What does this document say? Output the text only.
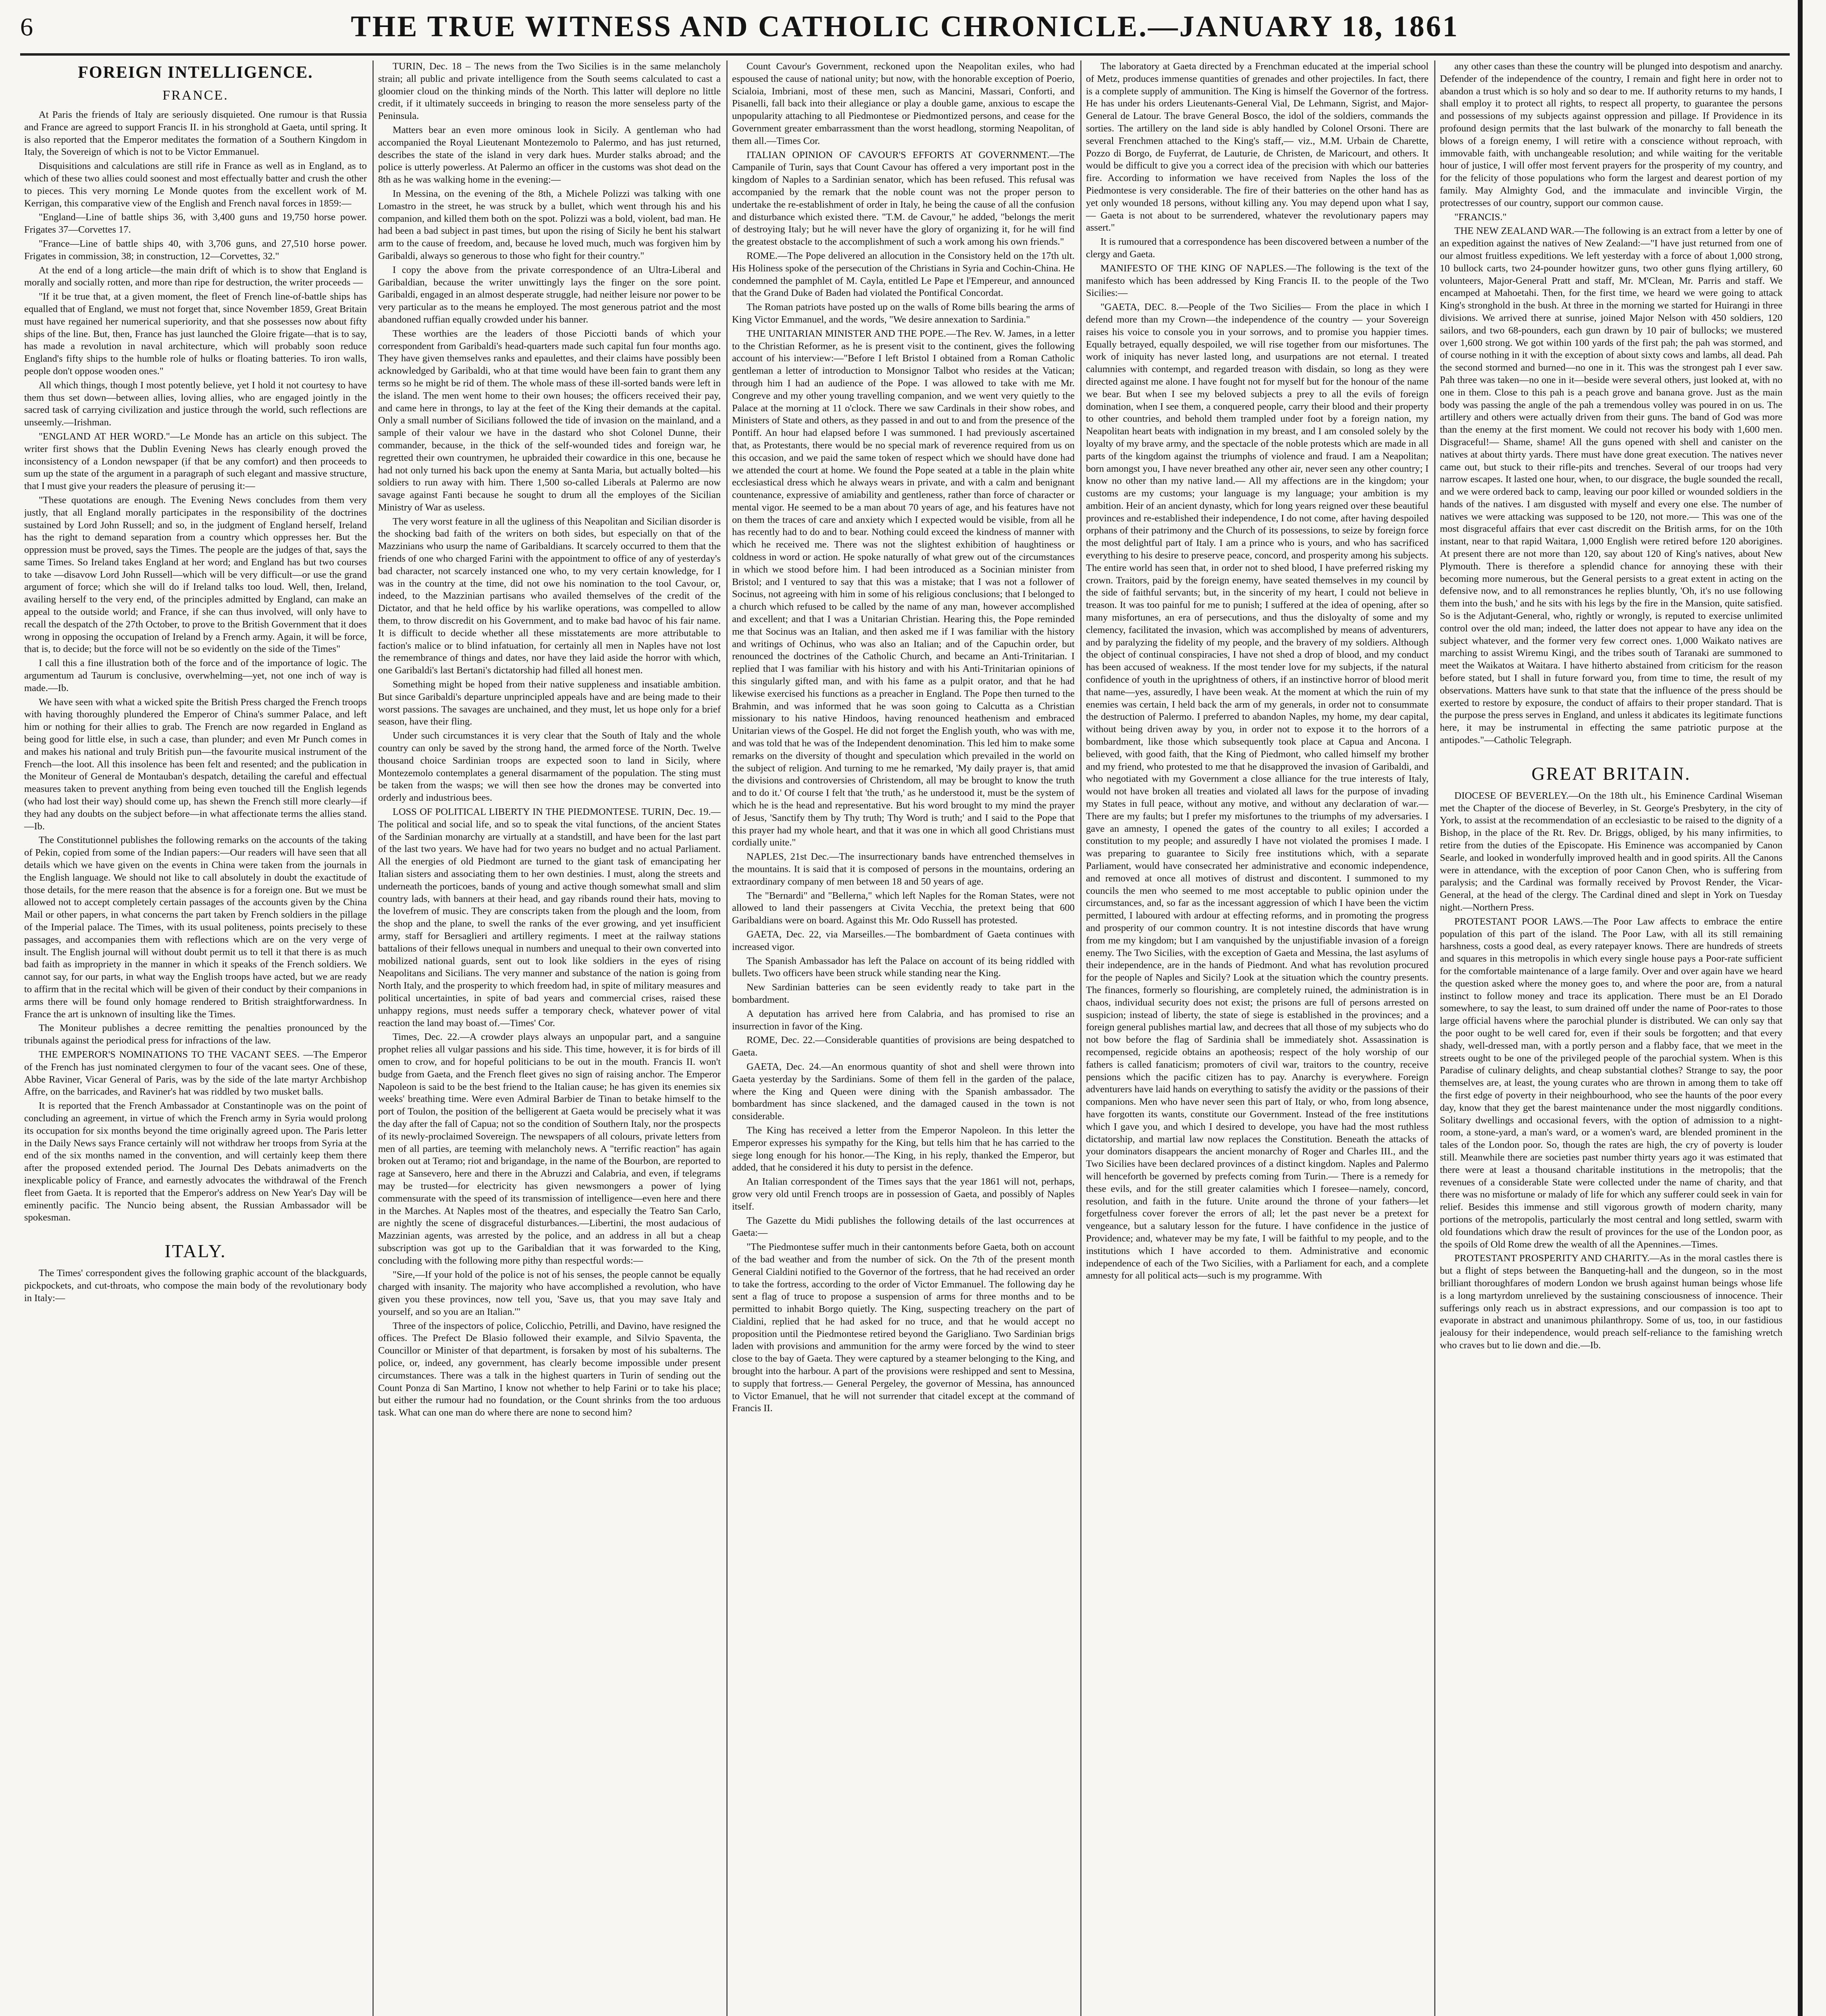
6	THE TRUE WITNESS AND CATHOLIC CHRONICLE.—JANUARY 18, 1861
FOREIGN INTELLIGENCE.
FRANCE.

At Paris the friends of Italy are seriously disquieted. One rumour is that Russia and France are agreed to support Francis II. in his stronghold at Gaeta, until spring. It is also reported that the Emperor meditates the formation of a Southern Kingdom in Italy, the Sovereign of which is not to be Victor Emmanuel.

Disquisitions and calculations are still rife in France as well as in England, as to which of these two allies could soonest and most effectually batter and crush the other to pieces. This very morning Le Monde quotes from the excellent work of M. Kerrigan, this comparative view of the English and French naval forces in 1859:—

"England—Line of battle ships 36, with 3,400 guns and 19,750 horse power. Frigates 37—Corvettes 17.

"France—Line of battle ships 40, with 3,706 guns, and 27,510 horse power. Frigates in commission, 38; in construction, 12—Corvettes, 32."

At the end of a long article—the main drift of which is to show that England is morally and socially rotten, and more than ripe for destruction, the writer proceeds —

"If it be true that, at a given moment, the fleet of French line-of-battle ships has equalled that of England, we must not forget that, since November 1859, Great Britain must have regained her numerical superiority, and that she possesses now about fifty ships of the line. But, then, France has just launched the Gloire frigate—that is to say, has made a revolution in naval architecture, which will probably soon reduce England's fifty ships to the humble role of hulks or floating batteries. To iron walls, people don't oppose wooden ones."

All which things, though I most potently believe, yet I hold it not courtesy to have them thus set down—between allies, loving allies, who are engaged jointly in the sacred task of carrying civilization and justice through the world, such reflections are unseemly.—Irishman.

"ENGLAND AT HER WORD."—Le Monde has an article on this subject. The writer first shows that the Dublin Evening News has clearly enough proved the inconsistency of a London newspaper (if that be any comfort) and then proceeds to sum up the state of the argument in a paragraph of such elegant and massive structure, that I must give your readers the pleasure of perusing it:—

"These quotations are enough. The Evening News concludes from them very justly, that all England morally participates in the responsibility of the doctrines sustained by Lord John Russell; and so, in the judgment of England herself, Ireland has the right to demand separation from a country which oppresses her. But the oppression must be proved, says the Times. The people are the judges of that, says the same Times. So Ireland takes England at her word; and England has but two courses to take —disavow Lord John Russell—which will be very difficult—or use the grand argument of force; which she will do if Ireland talks too loud. Well, then, Ireland, availing herself to the very end, of the principles admitted by England, can make an appeal to the outside world; and France, if she can thus involved, will only have to recall the despatch of the 27th October, to prove to the British Government that it does wrong in opposing the occupation of Ireland by a French army. Again, it will be force, that is, to decide; but the force will not be so evidently on the side of the Times"

I call this a fine illustration both of the force and of the importance of logic. The argumentum ad Taurum is conclusive, overwhelming—yet, not one inch of way is made.—Ib.

We have seen with what a wicked spite the British Press charged the French troops with having thoroughly plundered the Emperor of China's summer Palace, and left him or nothing for their allies to grab. The French are now regarded in England as being good for little else, in such a case, than plunder; and even Mr Punch comes in and makes his national and truly British pun—the favourite musical instrument of the French—the loot. All this insolence has been felt and resented; and the publication in the Moniteur of General de Montauban's despatch, detailing the careful and effectual measures taken to prevent anything from being even touched till the English legends (who had lost their way) should come up, has shewn the French still more clearly—if they had any doubts on the subject before—in what affectionate terms the allies stand.—Ib.

The Constitutionnel publishes the following remarks on the accounts of the taking of Pekin, copied from some of the Indian papers:—Our readers will have seen that all details which we have given on the events in China were taken from the journals in the English language. We should not like to call absolutely in doubt the exactitude of those details, for the mere reason that the absence is for a foreign one. But we must be allowed not to accept completely certain passages of the accounts given by the China Mail or other papers, in what concerns the part taken by French soldiers in the pillage of the Imperial palace. The Times, with its usual politeness, points precisely to these passages, and accompanies them with reflections which are on the very verge of insult. The English journal will without doubt permit us to tell it that there is as much bad faith as impropriety in the manner in which it speaks of the French soldiers. We cannot say, for our parts, in what way the English troops have acted, but we are ready to affirm that in the recital which will be given of their conduct by their companions in arms there will be found only homage rendered to British straightforwardness. In France the art is unknown of insulting like the Times.

The Moniteur publishes a decree remitting the penalties pronounced by the tribunals against the periodical press for infractions of the law.

THE EMPEROR'S NOMINATIONS TO THE VACANT SEES. —The Emperor of the French has just nominated clergymen to four of the vacant sees. One of these, Abbe Raviner, Vicar General of Paris, was by the side of the late martyr Archbishop Affre, on the barricades, and Raviner's hat was riddled by two musket balls.

It is reported that the French Ambassador at Constantinople was on the point of concluding an agreement, in virtue of which the French army in Syria would prolong its occupation for six months beyond the time originally agreed upon. The Paris letter in the Daily News says France certainly will not withdraw her troops from Syria at the end of the six months named in the convention, and will certainly keep them there after the proposed extended period. The Journal Des Debats animadverts on the inexplicable policy of France, and earnestly advocates the withdrawal of the French fleet from Gaeta. It is reported that the Emperor's address on New Year's Day will be eminently pacific. The Nuncio being absent, the Russian Ambassador will be spokesman.

ITALY.

The Times' correspondent gives the following graphic account of the blackguards, pickpockets, and cut-throats, who compose the main body of the revolutionary body in Italy:—

TURIN, Dec. 18 – The news from the Two Sicilies is in the same melancholy strain; all public and private intelligence from the South seems calculated to cast a gloomier cloud on the thinking minds of the North. This latter will deplore no little credit, if it ultimately succeeds in bringing to reason the more senseless party of the Peninsula.

Matters bear an even more ominous look in Sicily. A gentleman who had accompanied the Royal Lieutenant Montezemolo to Palermo, and has just returned, describes the state of the island in very dark hues. Murder stalks abroad; and the police is utterly powerless. At Palermo an officer in the customs was shot dead on the 8th as he was walking home in the evening:—

In Messina, on the evening of the 8th, a Michele Polizzi was talking with one Lomastro in the street, he was struck by a bullet, which went through his and his companion, and killed them both on the spot. Polizzi was a bold, violent, bad man. He had been a bad subject in past times, but upon the rising of Sicily he bent his stalwart arm to the cause of freedom, and, because he loved much, much was forgiven him by Garibaldi, always so generous to those who fight for their country."

I copy the above from the private correspondence of an Ultra-Liberal and Garibaldian, because the writer unwittingly lays the finger on the sore point. Garibaldi, engaged in an almost desperate struggle, had neither leisure nor power to be very particular as to the means he employed. The most generous patriot and the most abandoned ruffian equally crowded under his banner.

These worthies are the leaders of those Picciotti bands of which your correspondent from Garibaldi's head-quarters made such capital fun four months ago. They have given themselves ranks and epaulettes, and their claims have possibly been acknowledged by Garibaldi, who at that time would have been fain to grant them any terms so he might be rid of them. The whole mass of these ill-sorted bands were left in the island. The men went home to their own houses; the officers received their pay, and came here in throngs, to lay at the feet of the King their demands at the capital. Only a small number of Sicilians followed the tide of invasion on the mainland, and a sample of their valour we have in the dastard who shot Colonel Dunne, their commander, because, in the thick of the self-wounded tides and foreign war, he regretted their own countrymen, he upbraided their cowardice in this one, because he had not only turned his back upon the enemy at Santa Maria, but actually bolted—his soldiers to run away with him. There 1,500 so-called Liberals at Palermo are now savage against Fanti because he sought to drum all the employes of the Sicilian Ministry of War as useless.

The very worst feature in all the ugliness of this Neapolitan and Sicilian disorder is the shocking bad faith of the writers on both sides, but especially on that of the Mazzinians who usurp the name of Garibaldians. It scarcely occurred to them that the friends of one who charged Farini with the appointment to office of any of yesterday's bad character, not scarcely instanced one who, to my very certain knowledge, for I was in the country at the time, did not owe his nomination to the tool Cavour, or, indeed, to the Mazzinian partisans who availed themselves of the credit of the Dictator, and that he held office by his warlike operations, was compelled to allow them, to throw discredit on his Government, and to make bad havoc of his fair name. It is difficult to decide whether all these misstatements are more attributable to faction's malice or to blind infatuation, for certainly all men in Naples have not lost the remembrance of things and dates, nor have they laid aside the horror with which, one Garibaldi's last Bertani's dictatorship had filled all honest men.

Something might be hoped from their native suppleness and insatiable ambition. But since Garibaldi's departure unprincipled appeals have and are being made to their worst passions. The savages are unchained, and they must, let us hope only for a brief season, have their fling.

Under such circumstances it is very clear that the South of Italy and the whole country can only be saved by the strong hand, the armed force of the North. Twelve thousand choice Sardinian troops are expected soon to land in Sicily, where Montezemolo contemplates a general disarmament of the population. The sting must be taken from the wasps; we will then see how the drones may be converted into orderly and industrious bees.

LOSS OF POLITICAL LIBERTY IN THE PIEDMONTESE. TURIN, Dec. 19.—The political and social life, and so to speak the vital functions, of the ancient States of the Sardinian monarchy are virtually at a standstill, and have been for the last part of the last two years. We have had for two years no budget and no actual Parliament. All the energies of old Piedmont are turned to the giant task of emancipating her Italian sisters and associating them to her own destinies. I must, along the streets and underneath the porticoes, bands of young and active though somewhat small and slim country lads, with banners at their head, and gay ribands round their hats, moving to the lovefrem of music. They are conscripts taken from the plough and the loom, from the shop and the plane, to swell the ranks of the ever growing, and yet insufficient army, staff for Bersaglieri and artillery regiments. I meet at the railway stations battalions of their fellows unequal in numbers and unequal to their own converted into mobilized national guards, sent out to look like soldiers in the eyes of rising Neapolitans and Sicilians. The very manner and substance of the nation is going from North Italy, and the prosperity to which freedom had, in spite of military measures and political uncertainties, in spite of bad years and commercial crises, raised these unhappy regions, must needs suffer a temporary check, whatever power of vital reaction the land may boast of.—Times' Cor.

Times, Dec. 22.—A crowder plays always an unpopular part, and a sanguine prophet relies all vulgar passions and his side. This time, however, it is for birds of ill omen to crow, and for hopeful politicians to be out in the mouth. Francis II. won't budge from Gaeta, and the French fleet gives no sign of raising anchor. The Emperor Napoleon is said to be the best friend to the Italian cause; he has given its enemies six weeks' breathing time. Were even Admiral Barbier de Tinan to betake himself to the port of Toulon, the position of the belligerent at Gaeta would be precisely what it was the day after the fall of Capua; not so the condition of Southern Italy, nor the prospects of its newly-proclaimed Sovereign. The newspapers of all colours, private letters from men of all parties, are teeming with melancholy news. A "terrific reaction" has again broken out at Teramo; riot and brigandage, in the name of the Bourbon, are reported to rage at Sansevero, here and there in the Abruzzi and Calabria, and even, if telegrams may be trusted—for electricity has given newsmongers a power of lying commensurate with the speed of its transmission of intelligence—even here and there in the Marches. At Naples most of the theatres, and especially the Teatro San Carlo, are nightly the scene of disgraceful disturbances.—Libertini, the most audacious of Mazzinian agents, was arrested by the police, and an address in all but a cheap subscription was got up to the Garibaldian that it was forwarded to the King, concluding with the following more pithy than respectful words:—

"Sire,—If your hold of the police is not of his senses, the people cannot be equally charged with insanity. The majority who have accomplished a revolution, who have given you these provinces, now tell you, 'Save us, that you may save Italy and yourself, and so you are an Italian.'"

Three of the inspectors of police, Colicchio, Petrilli, and Davino, have resigned the offices. The Prefect De Blasio followed their example, and Silvio Spaventa, the Councillor or Minister of that department, is forsaken by most of his subalterns. The police, or, indeed, any government, has clearly become impossible under present circumstances. There was a talk in the highest quarters in Turin of sending out the Count Ponza di San Martino, I know not whether to help Farini or to take his place; but either the rumour had no foundation, or the Count shrinks from the too arduous task. What can one man do where there are none to second him?

Count Cavour's Government, reckoned upon the Neapolitan exiles, who had espoused the cause of national unity; but now, with the honorable exception of Poerio, Scialoia, Imbriani, most of these men, such as Mancini, Massari, Conforti, and Pisanelli, fall back into their allegiance or play a double game, anxious to escape the unpopularity attaching to all Piedmontese or Piedmontized persons, and cease for the Government greater embarrassment than the worst headlong, storming Neapolitan, of them all.—Times Cor.

ITALIAN OPINION OF CAVOUR'S EFFORTS AT GOVERNMENT.—The Campanile of Turin, says that Count Cavour has offered a very important post in the kingdom of Naples to a Sardinian senator, which has been refused. This refusal was accompanied by the remark that the noble count was not the proper person to undertake the re-establishment of order in Italy, he being the cause of all the confusion and disturbance which existed there. "T.M. de Cavour," he added, "belongs the merit of destroying Italy; but he will never have the glory of organizing it, for he will find the greatest obstacle to the accomplishment of such a work among his own friends."

ROME.—The Pope delivered an allocution in the Consistory held on the 17th ult. His Holiness spoke of the persecution of the Christians in Syria and Cochin-China. He condemned the pamphlet of M. Cayla, entitled Le Pape et l'Empereur, and announced that the Grand Duke of Baden had violated the Pontifical Concordat.

The Roman patriots have posted up on the walls of Rome bills bearing the arms of King Victor Emmanuel, and the words, "We desire annexation to Sardinia."

THE UNITARIAN MINISTER AND THE POPE.—The Rev. W. James, in a letter to the Christian Reformer, as he is present visit to the continent, gives the following account of his interview:—"Before I left Bristol I obtained from a Roman Catholic gentleman a letter of introduction to Monsignor Talbot who resides at the Vatican; through him I had an audience of the Pope. I was allowed to take with me Mr. Congreve and my other young travelling companion, and we went very quietly to the Palace at the morning at 11 o'clock. There we saw Cardinals in their show robes, and Ministers of State and others, as they passed in and out to and from the presence of the Pontiff. An hour had elapsed before I was summoned. I had previously ascertained that, as Protestants, there would be no special mark of reverence required from us on this occasion, and we paid the same token of respect which we should have done had we attended the court at home. We found the Pope seated at a table in the plain white ecclesiastical dress which he always wears in private, and with a calm and benignant countenance, expressive of amiability and gentleness, rather than force of character or mental vigor. He seemed to be a man about 70 years of age, and his features have not on them the traces of care and anxiety which I expected would be visible, from all he has recently had to do and to bear. Nothing could exceed the kindness of manner with which he received me. There was not the slightest exhibition of haughtiness or coldness in word or action. He spoke naturally of what grew out of the circumstances in which we stood before him. I had been introduced as a Socinian minister from Bristol; and I ventured to say that this was a mistake; that I was not a follower of Socinus, not agreeing with him in some of his religious conclusions; that I belonged to a church which refused to be called by the name of any man, however accomplished and excellent; and that I was a Unitarian Christian. Hearing this, the Pope reminded me that Socinus was an Italian, and then asked me if I was familiar with the history and writings of Ochinus, who was also an Italian; and of the Capuchin order, but renounced the doctrines of the Catholic Church, and became an Anti-Trinitarian. I replied that I was familiar with his history and with his Anti-Trinitarian opinions of this singularly gifted man, and with his fame as a pulpit orator, and that he had likewise exercised his functions as a preacher in England. The Pope then turned to the Brahmin, and was informed that he was soon going to Calcutta as a Christian missionary to his native Hindoos, having renounced heathenism and embraced Unitarian views of the Gospel. He did not forget the English youth, who was with me, and was told that he was of the Independent denomination. This led him to make some remarks on the diversity of thought and speculation which prevailed in the world on the subject of religion. And turning to me he remarked, 'My daily prayer is, that amid the divisions and controversies of Christendom, all may be brought to know the truth and to do it.' Of course I felt that 'the truth,' as he understood it, must be the system of which he is the head and representative. But his word brought to my mind the prayer of Jesus, 'Sanctify them by Thy truth; Thy Word is truth;' and I said to the Pope that this prayer had my whole heart, and that it was one in which all good Christians must cordially unite."

NAPLES, 21st Dec.—The insurrectionary bands have entrenched themselves in the mountains. It is said that it is composed of persons in the mountains, ordering an extraordinary company of men between 18 and 50 years of age.

The "Bernardi" and "Bellerna," which left Naples for the Roman States, were not allowed to land their passengers at Civita Vecchia, the pretext being that 600 Garibaldians were on board. Against this Mr. Odo Russell has protested.

GAETA, Dec. 22, via Marseilles.—The bombardment of Gaeta continues with increased vigor.

The Spanish Ambassador has left the Palace on account of its being riddled with bullets. Two officers have been struck while standing near the King.

New Sardinian batteries can be seen evidently ready to take part in the bombardment.

A deputation has arrived here from Calabria, and has promised to rise an insurrection in favor of the King.

ROME, Dec. 22.—Considerable quantities of provisions are being despatched to Gaeta.

GAETA, Dec. 24.—An enormous quantity of shot and shell were thrown into Gaeta yesterday by the Sardinians. Some of them fell in the garden of the palace, where the King and Queen were dining with the Spanish ambassador. The bombardment has since slackened, and the damaged caused in the town is not considerable.

The King has received a letter from the Emperor Napoleon. In this letter the Emperor expresses his sympathy for the King, but tells him that he has carried to the siege long enough for his honor.—The King, in his reply, thanked the Emperor, but added, that he considered it his duty to persist in the defence.

An Italian correspondent of the Times says that the year 1861 will not, perhaps, grow very old until French troops are in possession of Gaeta, and possibly of Naples itself.

The Gazette du Midi publishes the following details of the last occurrences at Gaeta:—

"The Piedmontese suffer much in their cantonments before Gaeta, both on account of the bad weather and from the number of sick. On the 7th of the present month General Cialdini notified to the Governor of the fortress, that he had received an order to take the fortress, according to the order of Victor Emmanuel. The following day he sent a flag of truce to propose a suspension of arms for three months and to be permitted to inhabit Borgo quietly. The King, suspecting treachery on the part of Cialdini, replied that he had asked for no truce, and that he would accept no proposition until the Piedmontese retired beyond the Garigliano. Two Sardinian brigs laden with provisions and ammunition for the army were forced by the wind to steer close to the bay of Gaeta. They were captured by a steamer belonging to the King, and brought into the harbour. A part of the provisions were reshipped and sent to Messina, to supply that fortress.— General Pergeley, the governor of Messina, has announced to Victor Emanuel, that he will not surrender that citadel except at the command of Francis II.

The laboratory at Gaeta directed by a Frenchman educated at the imperial school of Metz, produces immense quantities of grenades and other projectiles. In fact, there is a complete supply of ammunition. The King is himself the Governor of the fortress. He has under his orders Lieutenants-General Vial, De Lehmann, Sigrist, and Major-General de Latour. The brave General Bosco, the idol of the soldiers, commands the sorties. The artillery on the land side is ably handled by Colonel Orsoni. There are several Frenchmen attached to the King's staff,— viz., M.M. Urbain de Charette, Pozzo di Borgo, de Fuyferrat, de Lauturie, de Christen, de Maricourt, and others. It would be difficult to give you a correct idea of the precision with which our batteries fire. According to information we have received from Naples the loss of the Piedmontese is very considerable. The fire of their batteries on the other hand has as yet only wounded 18 persons, without killing any. You may depend upon what I say,— Gaeta is not about to be surrendered, whatever the revolutionary papers may assert."

It is rumoured that a correspondence has been discovered between a number of the clergy and Gaeta.

MANIFESTO OF THE KING OF NAPLES.—The following is the text of the manifesto which has been addressed by King Francis II. to the people of the Two Sicilies:—

"GAETA, DEC. 8.—People of the Two Sicilies— From the place in which I defend more than my Crown—the independence of the country — your Sovereign raises his voice to console you in your sorrows, and to promise you happier times. Equally betrayed, equally despoiled, we will rise together from our misfortunes. The work of iniquity has never lasted long, and usurpations are not eternal. I treated calumnies with contempt, and regarded treason with disdain, so long as they were directed against me alone. I have fought not for myself but for the honour of the name we bear. But when I see my beloved subjects a prey to all the evils of foreign domination, when I see them, a conquered people, carry their blood and their property to other countries, and behold them trampled under foot by a foreign nation, my Neapolitan heart beats with indignation in my breast, and I am consoled solely by the loyalty of my brave army, and the spectacle of the noble protests which are made in all parts of the kingdom against the triumphs of violence and fraud. I am a Neapolitan; born amongst you, I have never breathed any other air, never seen any other country; I know no other than my native land.— All my affections are in the kingdom; your customs are my customs; your language is my language; your ambition is my ambition. Heir of an ancient dynasty, which for long years reigned over these beautiful provinces and re-established their independence, I do not come, after having despoiled orphans of their patrimony and the Church of its possessions, to seize by foreign force the most delightful part of Italy. I am a prince who is yours, and who has sacrificed everything to his desire to preserve peace, concord, and prosperity among his subjects. The entire world has seen that, in order not to shed blood, I have preferred risking my crown. Traitors, paid by the foreign enemy, have seated themselves in my council by the side of faithful servants; but, in the sincerity of my heart, I could not believe in treason. It was too painful for me to punish; I suffered at the idea of opening, after so many misfortunes, an era of persecutions, and thus the disloyalty of some and my clemency, facilitated the invasion, which was accomplished by means of adventurers, and by paralyzing the fidelity of my people, and the bravery of my soldiers. Although the object of continual conspiracies, I have not shed a drop of blood, and my conduct has been accused of weakness. If the most tender love for my subjects, if the natural confidence of youth in the uprightness of others, if an instinctive horror of blood merit that name—yes, assuredly, I have been weak. At the moment at which the ruin of my enemies was certain, I held back the arm of my generals, in order not to consummate the destruction of Palermo. I preferred to abandon Naples, my home, my dear capital, without being driven away by you, in order not to expose it to the horrors of a bombardment, like those which subsequently took place at Capua and Ancona. I believed, with good faith, that the King of Piedmont, who called himself my brother and my friend, who protested to me that he disapproved the invasion of Garibaldi, and who negotiated with my Government a close alliance for the true interests of Italy, would not have broken all treaties and violated all laws for the purpose of invading my States in full peace, without any motive, and without any declaration of war.— There are my faults; but I prefer my misfortunes to the triumphs of my adversaries. I gave an amnesty, I opened the gates of the country to all exiles; I accorded a constitution to my people; and assuredly I have not violated the promises I made. I was preparing to guarantee to Sicily free institutions which, with a separate Parliament, would have consecrated her administrative and economic independence, and removed at once all motives of distrust and discontent. I summoned to my councils the men who seemed to me most acceptable to public opinion under the circumstances, and, so far as the incessant aggression of which I have been the victim permitted, I laboured with ardour at effecting reforms, and in promoting the progress and prosperity of our common country. It is not intestine discords that have wrung from me my kingdom; but I am vanquished by the unjustifiable invasion of a foreign enemy. The Two Sicilies, with the exception of Gaeta and Messina, the last asylums of their independence, are in the hands of Piedmont. And what has revolution procured for the people of Naples and Sicily? Look at the situation which the country presents. The finances, formerly so flourishing, are completely ruined, the administration is in chaos, individual security does not exist; the prisons are full of persons arrested on suspicion; instead of liberty, the state of siege is established in the provinces; and a foreign general publishes martial law, and decrees that all those of my subjects who do not bow before the flag of Sardinia shall be immediately shot. Assassination is recompensed, regicide obtains an apotheosis; respect of the holy worship of our fathers is called fanaticism; promoters of civil war, traitors to the country, receive pensions which the pacific citizen has to pay. Anarchy is everywhere. Foreign adventurers have laid hands on everything to satisfy the avidity or the passions of their companions. Men who have never seen this part of Italy, or who, from long absence, have forgotten its wants, constitute our Government. Instead of the free institutions which I gave you, and which I desired to develope, you have had the most ruthless dictatorship, and martial law now replaces the Constitution. Beneath the attacks of your dominators disappears the ancient monarchy of Roger and Charles III., and the Two Sicilies have been declared provinces of a distinct kingdom. Naples and Palermo will henceforth be governed by prefects coming from Turin.— There is a remedy for these evils, and for the still greater calamities which I foresee—namely, concord, resolution, and faith in the future. Unite around the throne of your fathers—let forgetfulness cover forever the errors of all; let the past never be a pretext for vengeance, but a salutary lesson for the future. I have confidence in the justice of Providence; and, whatever may be my fate, I will be faithful to my people, and to the institutions which I have accorded to them. Administrative and economic independence of each of the Two Sicilies, with a Parliament for each, and a complete amnesty for all political acts—such is my programme. With

any other cases than these the country will be plunged into despotism and anarchy. Defender of the independence of the country, I remain and fight here in order not to abandon a trust which is so holy and so dear to me. If authority returns to my hands, I shall employ it to protect all rights, to respect all property, to guarantee the persons and possessions of my subjects against oppression and pillage. If Providence in its profound design permits that the last bulwark of the monarchy to fall beneath the blows of a foreign enemy, I will retire with a conscience without reproach, with immovable faith, with unchangeable resolution; and while waiting for the veritable hour of justice, I will offer most fervent prayers for the prosperity of my country, and for the felicity of those populations who form the largest and dearest portion of my family. May Almighty God, and the immaculate and invincible Virgin, the protectresses of our country, support our common cause.

"FRANCIS."

THE NEW ZEALAND WAR.—The following is an extract from a letter by one of an expedition against the natives of New Zealand:—"I have just returned from one of our almost fruitless expeditions. We left yesterday with a force of about 1,000 strong, 10 bullock carts, two 24-pounder howitzer guns, two other guns flying artillery, 60 volunteers, Major-General Pratt and staff, Mr. M'Clean, Mr. Parris and staff. We encamped at Mahoetahi. Then, for the first time, we heard we were going to attack King's stronghold in the bush. At three in the morning we started for Huirangi in three divisions. We arrived there at sunrise, joined Major Nelson with 450 soldiers, 120 sailors, and two 68-pounders, each gun drawn by 10 pair of bullocks; we mustered over 1,600 strong. We got within 100 yards of the first pah; the pah was stormed, and of course nothing in it with the exception of about sixty cows and lambs, all dead. Pah the second stormed and burned—no one in it. This was the strongest pah I ever saw. Pah three was taken—no one in it—beside were several others, just looked at, with no one in them. Close to this pah is a peach grove and banana grove. Just as the main body was passing the angle of the pah a tremendous volley was poured in on us. The artillery and others were actually driven from their guns. The band of God was more than the enemy at the first moment. We could not recover his body with 1,600 men. Disgraceful!— Shame, shame! All the guns opened with shell and canister on the natives at about thirty yards. There must have done great execution. The natives never came out, but stuck to their rifle-pits and trenches. Several of our troops had very narrow escapes. It lasted one hour, when, to our disgrace, the bugle sounded the recall, and we were ordered back to camp, leaving our poor killed or wounded soldiers in the hands of the natives. I am disgusted with myself and every one else. The number of natives we were attacking was supposed to be 120, not more.— This was one of the most disgraceful affairs that ever cast discredit on the British arms, for on the 10th instant, near to that rapid Waitara, 1,000 English were retired before 120 aborigines. At present there are not more than 120, say about 120 of King's natives, about New Plymouth. There is therefore a splendid chance for annoying these with their becoming more numerous, but the General persists to a great extent in acting on the defensive now, and to all remonstrances he replies bluntly, 'Oh, it's no use following them into the bush,' and he sits with his legs by the fire in the Mansion, quite satisfied. So is the Adjutant-General, who, rightly or wrongly, is reputed to exercise unlimited control over the old man; indeed, the latter does not appear to have any idea on the subject whatever, and the former very few correct ones. 1,000 Waikato natives are marching to assist Wiremu Kingi, and the tribes south of Taranaki are summoned to meet the Waikatos at Waitara. I have hitherto abstained from criticism for the reason before stated, but I shall in future forward you, from time to time, the result of my observations. Matters have sunk to that state that the influence of the press should be exerted to restore by exposure, the conduct of affairs to their proper standard. That is the purpose the press serves in England, and unless it abdicates its legitimate functions here, it may be instrumental in effecting the same patriotic purpose at the antipodes."—Catholic Telegraph.

GREAT BRITAIN.

DIOCESE OF BEVERLEY.—On the 18th ult., his Eminence Cardinal Wiseman met the Chapter of the diocese of Beverley, in St. George's Presbytery, in the city of York, to assist at the recommendation of an ecclesiastic to be raised to the dignity of a Bishop, in the place of the Rt. Rev. Dr. Briggs, obliged, by his many infirmities, to retire from the duties of the Episcopate. His Eminence was accompanied by Canon Searle, and looked in wonderfully improved health and in good spirits. All the Canons were in attendance, with the exception of poor Canon Chen, who is suffering from paralysis; and the Cardinal was formally received by Provost Render, the Vicar-General, at the head of the clergy. The Cardinal dined and slept in York on Tuesday night.—Northern Press.

PROTESTANT POOR LAWS.—The Poor Law affects to embrace the entire population of this part of the island. The Poor Law, with all its still remaining harshness, costs a good deal, as every ratepayer knows. There are hundreds of streets and squares in this metropolis in which every single house pays a Poor-rate sufficient for the comfortable maintenance of a large family. Over and over again have we heard the question asked where the money goes to, and where the poor are, from a natural instinct to follow money and trace its application. There must be an El Dorado somewhere, to say the least, to sum drained off under the name of Poor-rates to those large official havens where the parochial plunder is distributed. We can only say that the poor ought to be well cared for, even if their souls be forgotten; and that every shady, well-dressed man, with a portly person and a flabby face, that we meet in the streets ought to be one of the privileged people of the parochial system. When is this Paradise of culinary delights, and cheap substantial clothes? Strange to say, the poor themselves are, at least, the young curates who are thrown in among them to take off the first edge of poverty in their neighbourhood, who see the haunts of the poor every day, know that they get the barest maintenance under the most niggardly conditions. Solitary dwellings and occasional fevers, with the option of admission to a night-room, a stone-yard, a man's ward, or a women's ward, are blended prominent in the tales of the London poor. So, though the rates are high, the cry of poverty is louder still. Meanwhile there are societies past number thirty years ago it was estimated that there were at least a thousand charitable institutions in the metropolis; that the revenues of a considerable State were collected under the name of charity, and that there was no misfortune or malady of life for which any sufferer could seek in vain for relief. Besides this immense and still vigorous growth of modern charity, many portions of the metropolis, particularly the most central and long settled, swarm with old foundations which draw the result of provinces for the use of the London poor, as the spoils of Old Rome drew the wealth of all the Apennines.—Times.

PROTESTANT PROSPERITY AND CHARITY.—As in the moral castles there is but a flight of steps between the Banqueting-hall and the dungeon, so in the most brilliant thoroughfares of modern London we brush against human beings whose life is a long martyrdom unrelieved by the sustaining consciousness of innocence. Their sufferings only reach us in abstract expressions, and our compassion is too apt to evaporate in abstract and unanimous philanthropy. Some of us, too, in our fastidious jealousy for their independence, would preach self-reliance to the famishing wretch who craves but to lie down and die.—Ib.
